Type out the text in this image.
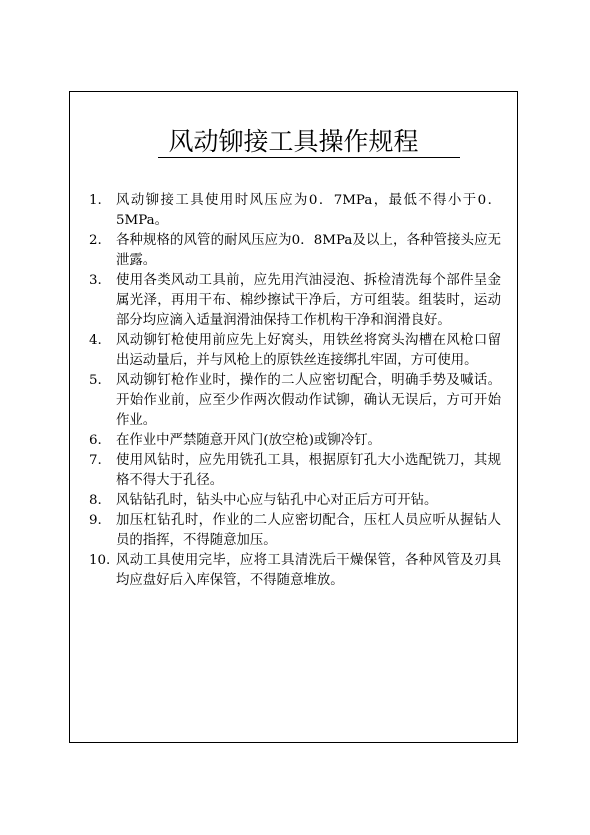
风动铆接工具操作规程
1. 风动铆接工具使用时风压应为0．7MPa，最低不得小于0．5MPa。
2. 各种规格的风管的耐风压应为0．8MPa及以上，各种管接头应无泄露。
3. 使用各类风动工具前，应先用汽油浸泡、拆检清洗每个部件呈金属光泽，再用干布、棉纱擦试干净后，方可组装。组装时，运动部分均应滴入适量润滑油保持工作机构干净和润滑良好。
4. 风动铆钉枪使用前应先上好窝头，用铁丝将窝头沟槽在风枪口留出运动量后，并与风枪上的原铁丝连接绑扎牢固，方可使用。
5. 风动铆钉枪作业时，操作的二人应密切配合，明确手势及喊话。开始作业前，应至少作两次假动作试铆，确认无误后，方可开始作业。
6. 在作业中严禁随意开风门(放空枪)或铆冷钉。
7. 使用风钻时，应先用铣孔工具，根据原钉孔大小选配铣刀，其规格不得大于孔径。
8. 风钻钻孔时，钻头中心应与钻孔中心对正后方可开钻。
9. 加压杠钻孔时，作业的二人应密切配合，压杠人员应听从握钻人员的指挥，不得随意加压。
10. 风动工具使用完毕，应将工具清洗后干燥保管，各种风管及刃具均应盘好后入库保管，不得随意堆放。
